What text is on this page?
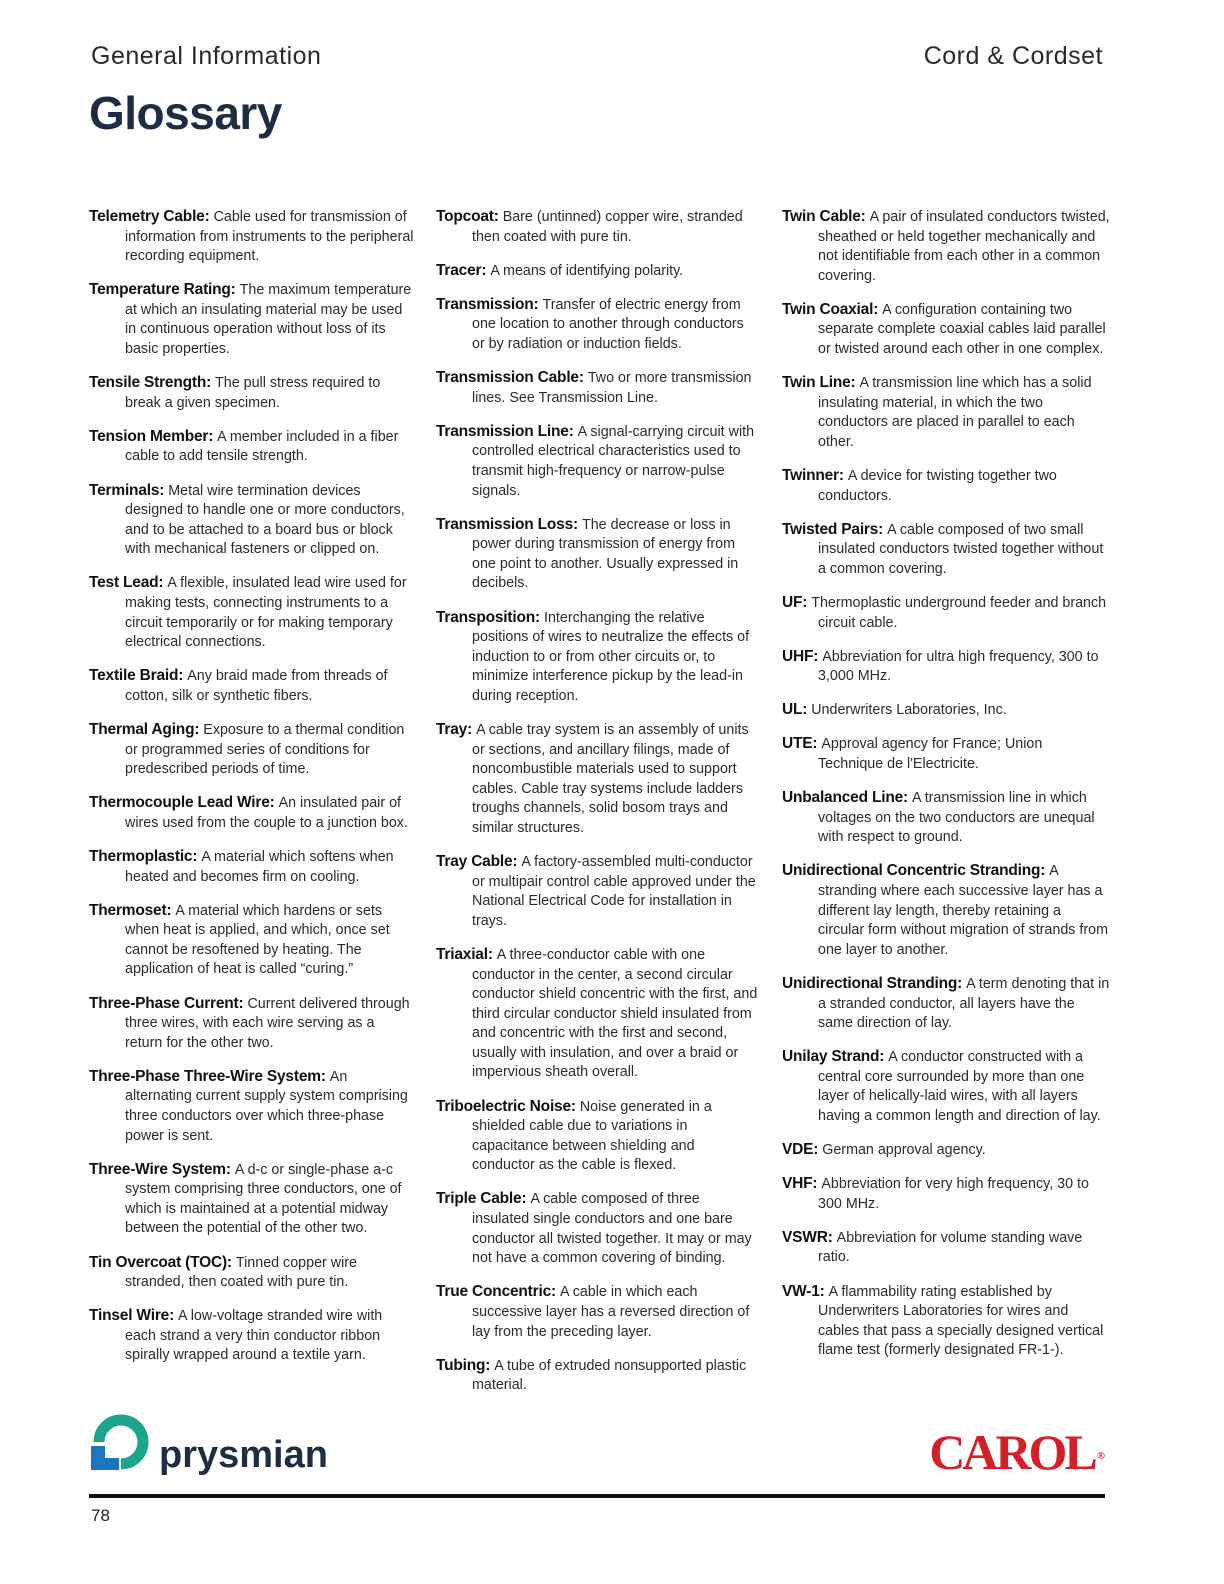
General Information	Cord & Cordset
Glossary

Telemetry Cable: Cable used for transmission of information from instruments to the peripheral recording equipment.

Temperature Rating: The maximum temperature at which an insulating material may be used in continuous operation without loss of its basic properties.

Tensile Strength: The pull stress required to break a given specimen.

Tension Member: A member included in a fiber cable to add tensile strength.

Terminals: Metal wire termination devices designed to handle one or more conductors, and to be attached to a board bus or block with mechanical fasteners or clipped on.

Test Lead: A flexible, insulated lead wire used for making tests, connecting instruments to a circuit temporarily or for making temporary electrical connections.

Textile Braid: Any braid made from threads of cotton, silk or synthetic fibers.

Thermal Aging: Exposure to a thermal condition or programmed series of conditions for predescribed periods of time.

Thermocouple Lead Wire: An insulated pair of wires used from the couple to a junction box.

Thermoplastic: A material which softens when heated and becomes firm on cooling.

Thermoset: A material which hardens or sets when heat is applied, and which, once set cannot be resoftened by heating. The application of heat is called “curing.”

Three-Phase Current: Current delivered through three wires, with each wire serving as a return for the other two.

Three-Phase Three-Wire System: An alternating current supply system comprising three conductors over which three-phase power is sent.

Three-Wire System: A d-c or single-phase a-c system comprising three conductors, one of which is maintained at a potential midway between the potential of the other two.

Tin Overcoat (TOC): Tinned copper wire stranded, then coated with pure tin.

Tinsel Wire: A low-voltage stranded wire with each strand a very thin conductor ribbon spirally wrapped around a textile yarn.

Topcoat: Bare (untinned) copper wire, stranded then coated with pure tin.

Tracer: A means of identifying polarity.

Transmission: Transfer of electric energy from one location to another through conductors or by radiation or induction fields.

Transmission Cable: Two or more transmission lines. See Transmission Line.

Transmission Line: A signal-carrying circuit with controlled electrical characteristics used to transmit high-frequency or narrow-pulse signals.

Transmission Loss: The decrease or loss in power during transmission of energy from one point to another. Usually expressed in decibels.

Transposition: Interchanging the relative positions of wires to neutralize the effects of induction to or from other circuits or, to minimize interference pickup by the lead-in during reception.

Tray: A cable tray system is an assembly of units or sections, and ancillary filings, made of noncombustible materials used to support cables. Cable tray systems include ladders troughs channels, solid bosom trays and similar structures.

Tray Cable: A factory-assembled multi-conductor or multipair control cable approved under the National Electrical Code for installation in trays.

Triaxial: A three-conductor cable with one conductor in the center, a second circular conductor shield concentric with the first, and third circular conductor shield insulated from and concentric with the first and second, usually with insulation, and over a braid or impervious sheath overall.

Triboelectric Noise: Noise generated in a shielded cable due to variations in capacitance between shielding and conductor as the cable is flexed.

Triple Cable: A cable composed of three insulated single conductors and one bare conductor all twisted together. It may or may not have a common covering of binding.

True Concentric: A cable in which each successive layer has a reversed direction of lay from the preceding layer.

Tubing: A tube of extruded nonsupported plastic material.

Twin Cable: A pair of insulated conductors twisted, sheathed or held together mechanically and not identifiable from each other in a common covering.

Twin Coaxial: A configuration containing two separate complete coaxial cables laid parallel or twisted around each other in one complex.

Twin Line: A transmission line which has a solid insulating material, in which the two conductors are placed in parallel to each other.

Twinner: A device for twisting together two conductors.

Twisted Pairs: A cable composed of two small insulated conductors twisted together without a common covering.

UF: Thermoplastic underground feeder and branch circuit cable.

UHF: Abbreviation for ultra high frequency, 300 to 3,000 MHz.

UL: Underwriters Laboratories, Inc.

UTE: Approval agency for France; Union Technique de l'Electricite.

Unbalanced Line: A transmission line in which voltages on the two conductors are unequal with respect to ground.

Unidirectional Concentric Stranding: A stranding where each successive layer has a different lay length, thereby retaining a circular form without migration of strands from one layer to another.

Unidirectional Stranding: A term denoting that in a stranded conductor, all layers have the same direction of lay.

Unilay Strand: A conductor constructed with a central core surrounded by more than one layer of helically-laid wires, with all layers having a common length and direction of lay.

VDE: German approval agency.

VHF: Abbreviation for very high frequency, 30 to 300 MHz.

VSWR: Abbreviation for volume standing wave ratio.

VW-1: A flammability rating established by Underwriters Laboratories for wires and cables that pass a specially designed vertical flame test (formerly designated FR-1-).

prysmian	CAROL ®
78
